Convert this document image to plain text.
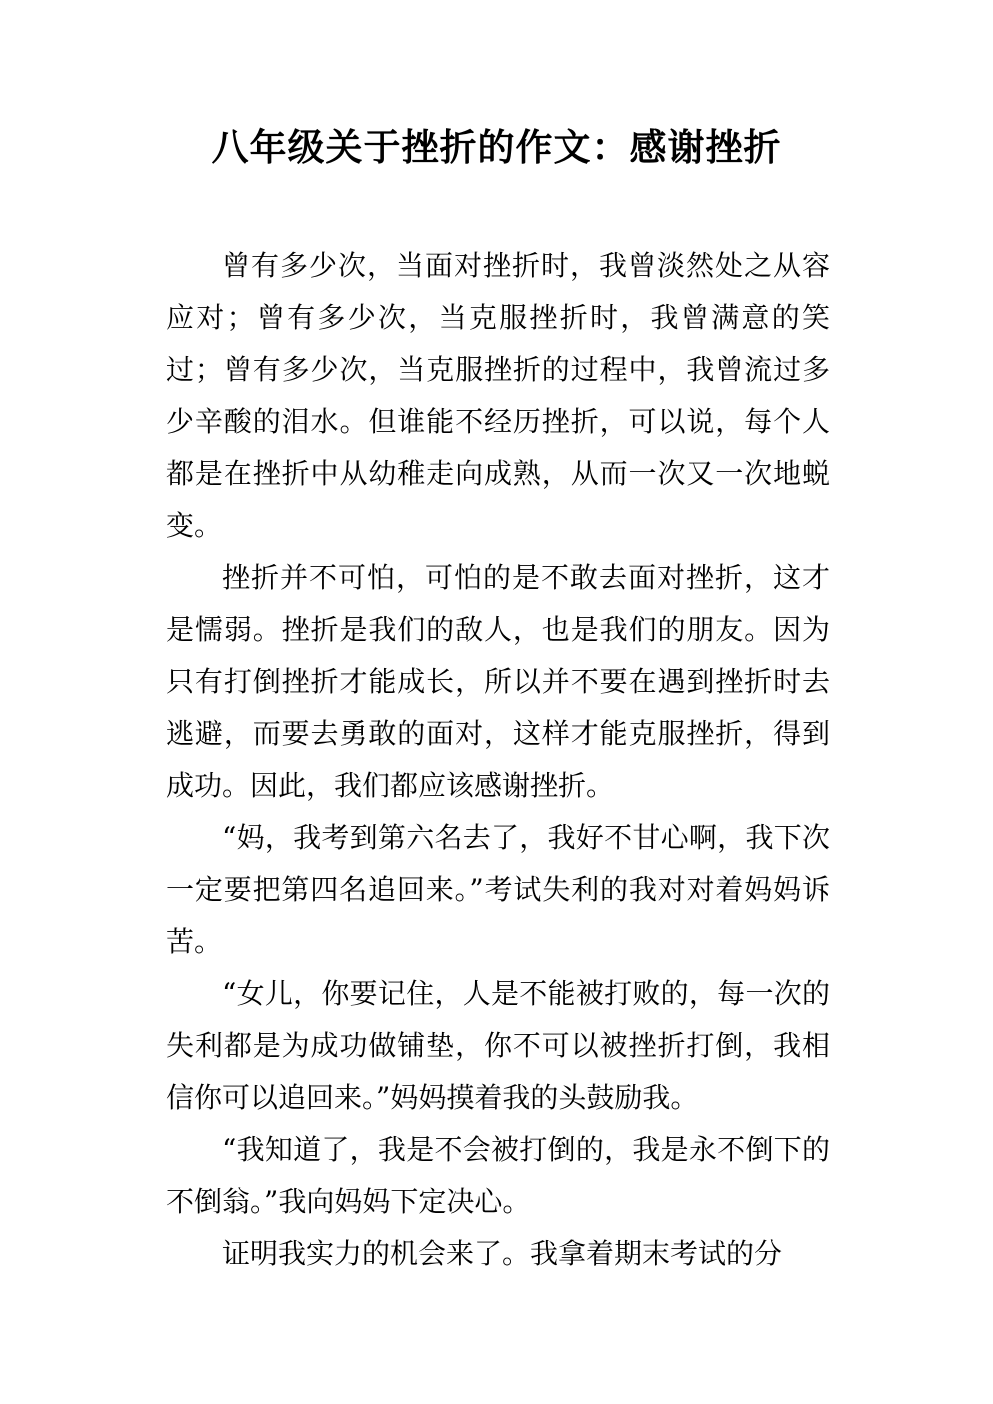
八年级关于挫折的作文：感谢挫折

曾有多少次，当面对挫折时，我曾淡然处之从容应对；曾有多少次，当克服挫折时，我曾满意的笑过；曾有多少次，当克服挫折的过程中，我曾流过多少辛酸的泪水。但谁能不经历挫折，可以说，每个人都是在挫折中从幼稚走向成熟，从而一次又一次地蜕变。

挫折并不可怕，可怕的是不敢去面对挫折，这才是懦弱。挫折是我们的敌人，也是我们的朋友。因为只有打倒挫折才能成长，所以并不要在遇到挫折时去逃避，而要去勇敢的面对，这样才能克服挫折，得到成功。因此，我们都应该感谢挫折。

“妈，我考到第六名去了，我好不甘心啊，我下次一定要把第四名追回来。”考试失利的我对对着妈妈诉苦。

“女儿，你要记住，人是不能被打败的，每一次的失利都是为成功做铺垫，你不可以被挫折打倒，我相信你可以追回来。”妈妈摸着我的头鼓励我。

“我知道了，我是不会被打倒的，我是永不倒下的不倒翁。”我向妈妈下定决心。

证明我实力的机会来了。我拿着期末考试的分
